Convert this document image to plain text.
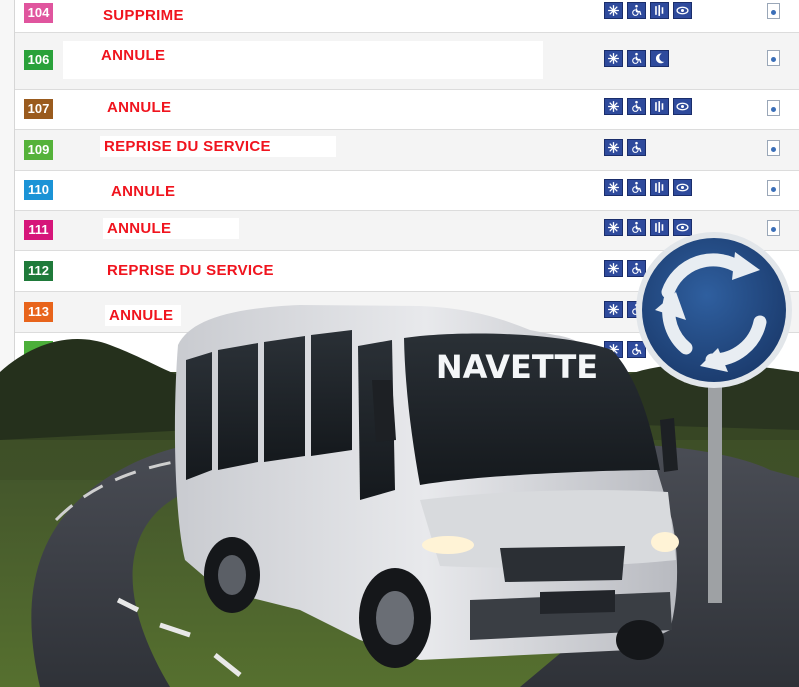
104	SUPPRIME
106	ANNULE
107	ANNULE
109	REPRISE DU SERVICE
110	ANNULE
111	ANNULE
112	REPRISE DU SERVICE
113	ANNULE
NAVETTE
